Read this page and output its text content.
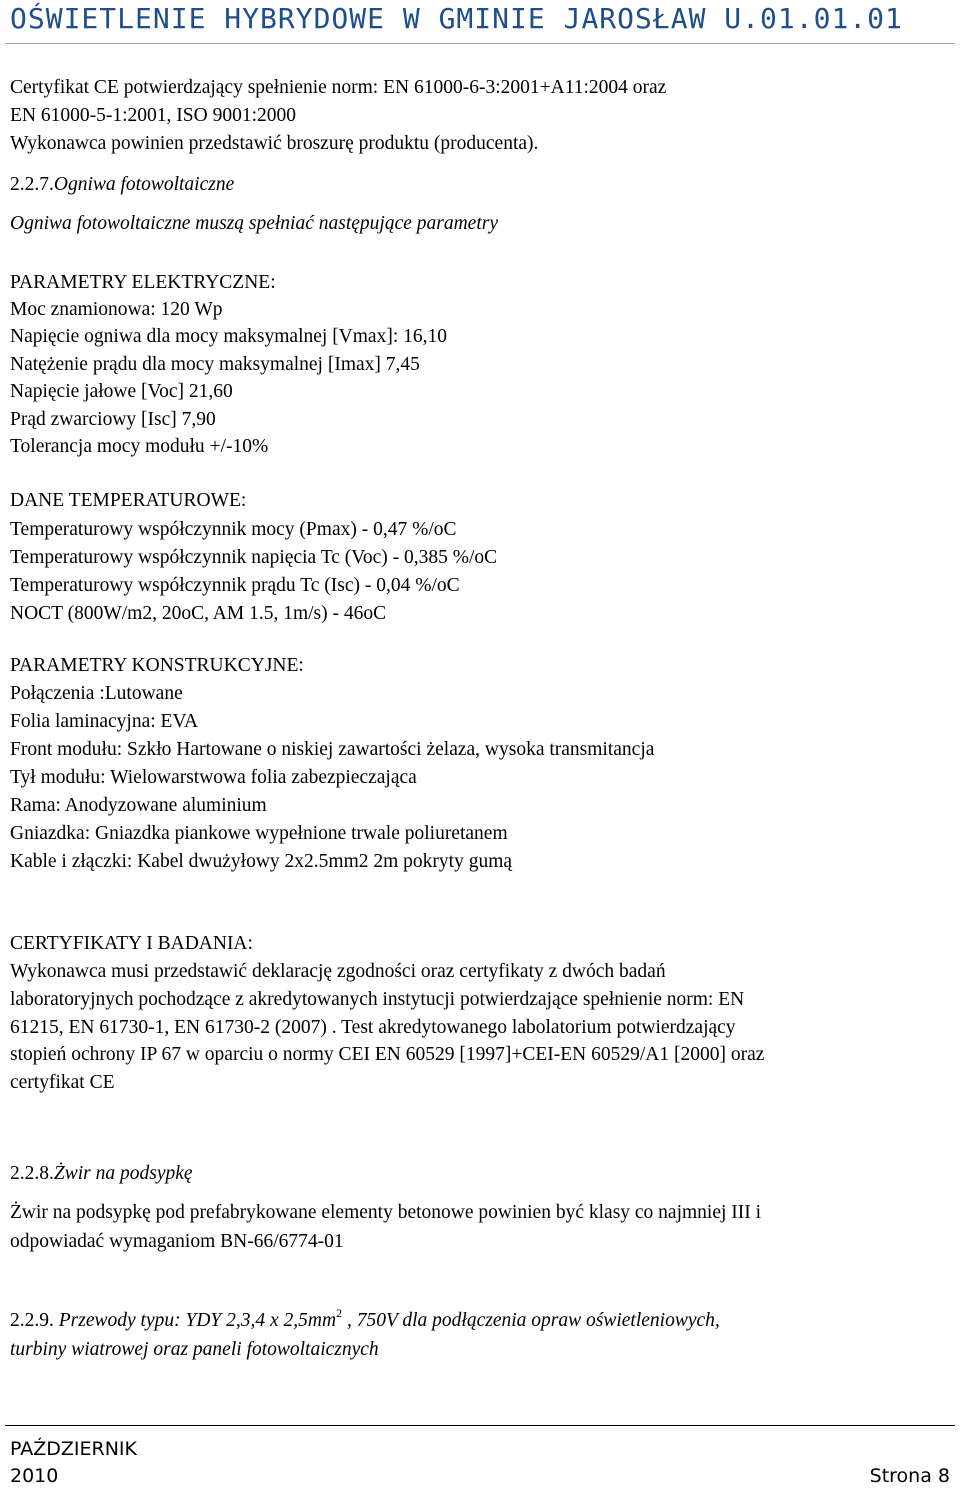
OŚWIETLENIE HYBRYDOWE W GMINIE JAROSŁAW U.01.01.01
Certyfikat CE potwierdzający spełnienie norm: EN 61000-6-3:2001+A11:2004 oraz
EN 61000-5-1:2001, ISO 9001:2000
Wykonawca powinien przedstawić broszurę produktu (producenta).
2.2.7.Ogniwa fotowoltaiczne
Ogniwa fotowoltaiczne muszą spełniać następujące parametry
PARAMETRY ELEKTRYCZNE:
Moc znamionowa: 120 Wp
Napięcie ogniwa dla mocy maksymalnej [Vmax]: 16,10
Natężenie prądu dla mocy maksymalnej [Imax] 7,45
Napięcie jałowe [Voc] 21,60
Prąd zwarciowy [Isc] 7,90
Tolerancja mocy modułu +/-10%
DANE TEMPERATUROWE:
Temperaturowy współczynnik mocy (Pmax) - 0,47 %/oC
Temperaturowy współczynnik napięcia Tc (Voc) - 0,385 %/oC
Temperaturowy współczynnik prądu Tc (Isc) - 0,04 %/oC
NOCT (800W/m2, 20oC, AM 1.5, 1m/s) - 46oC
PARAMETRY KONSTRUKCYJNE:
Połączenia :Lutowane
Folia laminacyjna: EVA
Front modułu: Szkło Hartowane o niskiej zawartości żelaza, wysoka transmitancja
Tył modułu: Wielowarstwowa folia zabezpieczająca
Rama: Anodyzowane aluminium
Gniazdka: Gniazdka piankowe wypełnione trwale poliuretanem
Kable i złączki: Kabel dwużyłowy 2x2.5mm2 2m pokryty gumą
CERTYFIKATY I BADANIA:
Wykonawca musi przedstawić deklarację zgodności oraz certyfikaty z dwóch badań
laboratoryjnych pochodzące z akredytowanych instytucji potwierdzające spełnienie norm: EN
61215, EN 61730-1, EN 61730-2 (2007) . Test akredytowanego labolatorium potwierdzający
stopień ochrony IP 67 w oparciu o normy CEI EN 60529 [1997]+CEI-EN 60529/A1 [2000] oraz
certyfikat CE
2.2.8.Żwir na podsypkę
Żwir na podsypkę pod prefabrykowane elementy betonowe powinien być klasy co najmniej III i
odpowiadać wymaganiom BN-66/6774-01
2.2.9. Przewody typu: YDY 2,3,4 x $2,5mm^2$ , 750V dla podłączenia opraw oświetleniowych,
turbiny wiatrowej oraz paneli fotowoltaicznych
PAŹDZIERNIK
2010	Strona 8
